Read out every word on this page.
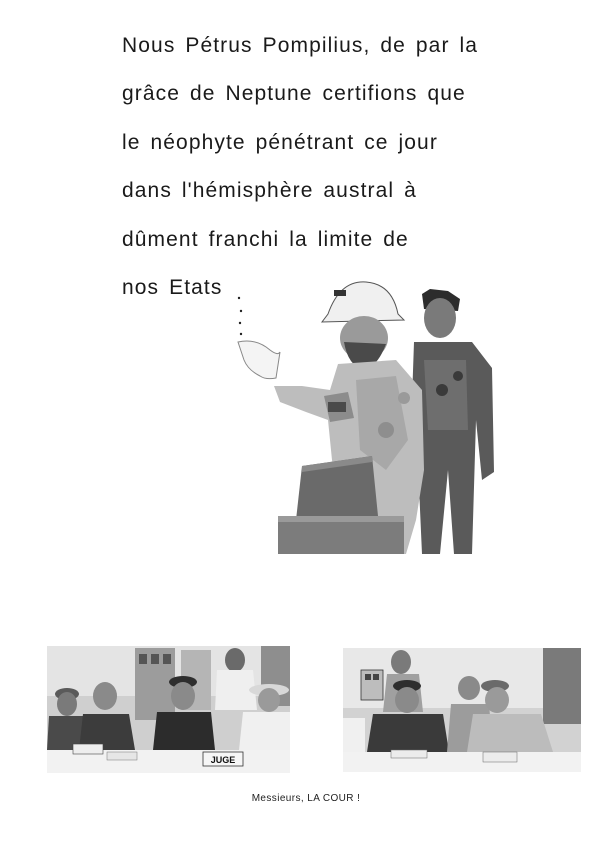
Nous Pétrus Pompilius, de par la
grâce de Neptune certifions que
le néophyte pénétrant ce jour
dans l'hémisphère austral à
dûment franchi la limite de
nos Etats
JUGE
Messieurs, LA COUR !
